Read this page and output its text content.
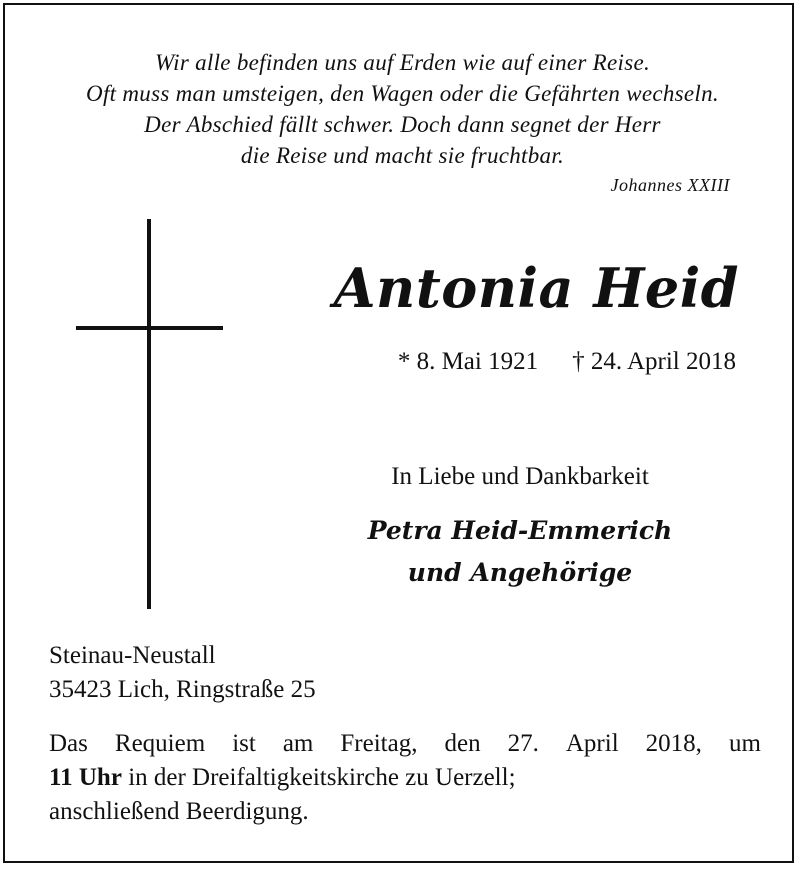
Wir alle befinden uns auf Erden wie auf einer Reise.
Oft muss man umsteigen, den Wagen oder die Gefährten wechseln.
Der Abschied fällt schwer. Doch dann segnet der Herr
die Reise und macht sie fruchtbar.
Johannes XXIII
Antonia Heid
* 8. Mai 1921 † 24. April 2018
In Liebe und Dankbarkeit
Petra Heid-Emmerich
und Angehörige
Steinau-Neustall
35423 Lich, Ringstraße 25
Das Requiem ist am Freitag, den 27. April 2018, um
11 Uhr in der Dreifaltigkeitskirche zu Uerzell;
anschließend Beerdigung.
